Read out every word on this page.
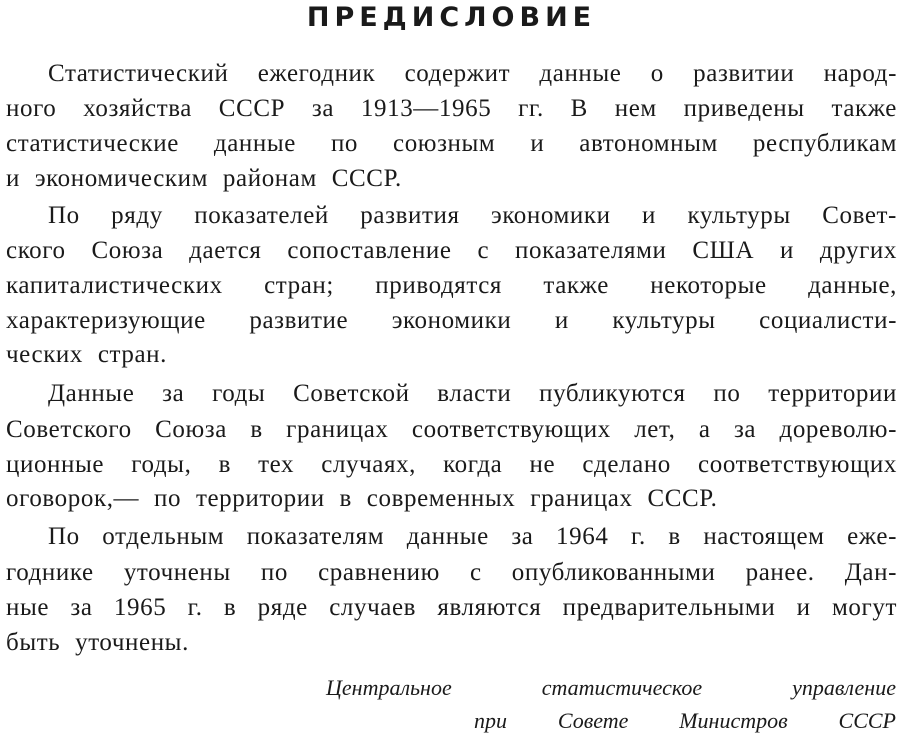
ПРЕДИСЛОВИЕ
Статистический ежегодник содержит данные о развитии народ-
ного хозяйства СССР за 1913—1965 гг. В нем приведены также
статистические данные по союзным и автономным республикам
и экономическим районам СССР.
По ряду показателей развития экономики и культуры Совет-
ского Союза дается сопоставление с показателями США и других
капиталистических стран; приводятся также некоторые данные,
характеризующие развитие экономики и культуры социалисти-
ческих стран.
Данные за годы Советской власти публикуются по территории
Советского Союза в границах соответствующих лет, а за дореволю-
ционные годы, в тех случаях, когда не сделано соответствующих
оговорок,— по территории в современных границах СССР.
По отдельным показателям данные за 1964 г. в настоящем еже-
годнике уточнены по сравнению с опубликованными ранее. Дан-
ные за 1965 г. в ряде случаев являются предварительными и могут
быть уточнены.
Центральное статистическое управление
при Совете Министров СССР
